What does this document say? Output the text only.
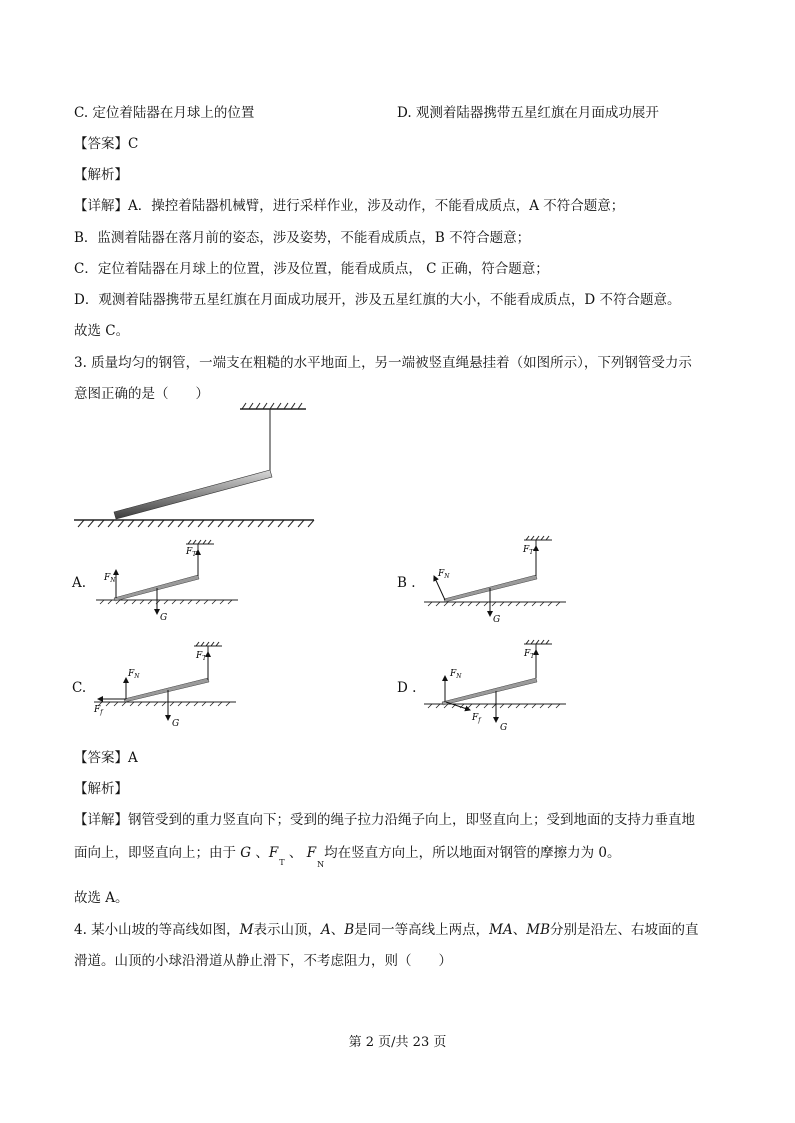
C. 定位着陆器在月球上的位置	D. 观测着陆器携带五星红旗在月面成功展开
【答案】C
【解析】
【详解】A．操控着陆器机械臂，进行采样作业，涉及动作，不能看成质点，A 不符合题意；
B．监测着陆器在落月前的姿态，涉及姿势，不能看成质点，B 不符合题意；
C．定位着陆器在月球上的位置，涉及位置，能看成质点， C 正确，符合题意；
D．观测着陆器携带五星红旗在月面成功展开，涉及五星红旗的大小，不能看成质点，D 不符合题意。
故选 C。
3. 质量均匀的钢管，一端支在粗糙的水平地面上，另一端被竖直绳悬挂着（如图所示），下列钢管受力示
意图正确的是（　　）
A.	B .
C.	D .
$F_T$
$F_N$
G
$F_T$
$F_N$
G
$F_T$
$F_N$
$F_f$
G
$F_T$
$F_N$
$F_f$
G
【答案】A
【解析】
【详解】钢管受到的重力竖直向下；受到的绳子拉力沿绳子向上，即竖直向上；受到地面的支持力垂直地
面向上，即竖直向上；由于 G 、$F_T$ 、 $F_N$均在竖直方向上，所以地面对钢管的摩擦力为 0。
故选 A。
4. 某小山坡的等高线如图，M表示山顶，A、B是同一等高线上两点，MA、MB分别是沿左、右坡面的直
滑道。山顶的小球沿滑道从静止滑下，不考虑阻力，则（　　）
第 2 页/共 23 页
